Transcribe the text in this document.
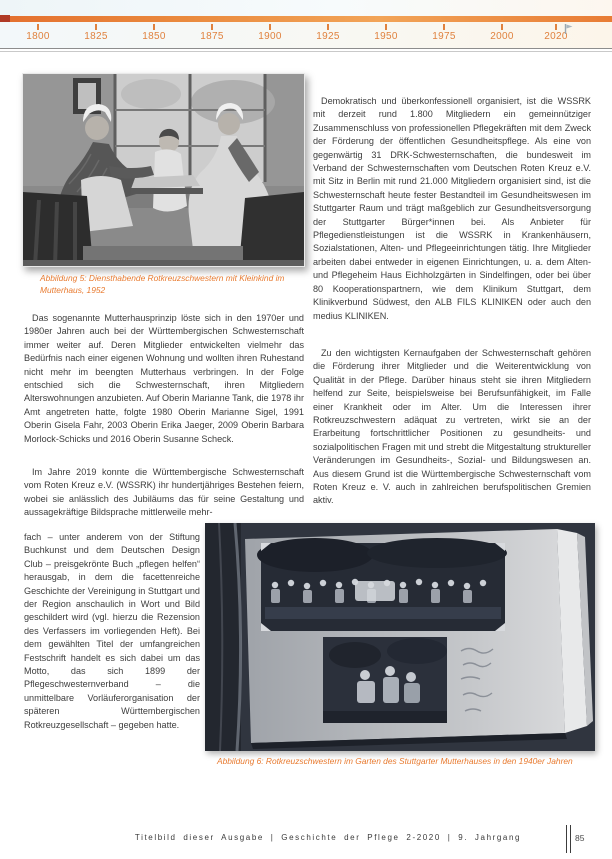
1800	1825	1850	1875	1900	1925	1950	1975	2000	2020
Abbildung 5: Diensthabende Rotkreuzschwestern mit Kleinkind im Mutterhaus, 1952

Das sogenannte Mutterhausprinzip löste sich in den 1970er und 1980er Jahren auch bei der Württembergischen Schwesternschaft immer weiter auf. Deren Mitglieder entwickelten vielmehr das Bedürfnis nach einer eigenen Wohnung und wollten ihren Ruhestand nicht mehr im beengten Mutterhaus verbringen. In der Folge entschied sich die Schwesternschaft, ihren Mitgliedern Alterswohnungen anzubieten. Auf Oberin Marianne Tank, die 1978 ihr Amt angetreten hatte, folgte 1980 Oberin Marianne Sigel, 1991 Oberin Gisela Fahr, 2003 Oberin Erika Jaeger, 2009 Oberin Barbara Morlock-Schicks und 2016 Oberin Susanne Scheck.

Im Jahre 2019 konnte die Württembergische Schwesternschaft vom Roten Kreuz e.V. (WSSRK) ihr hundertjähriges Bestehen feiern, wobei sie anlässlich des Jubiläums das für seine Gestaltung und aussagekräftige Bildsprache mittlerweile mehr-

fach – unter anderem von der Stiftung Buchkunst und dem Deutschen Design Club – preisgekrönte Buch „pflegen helfen“ herausgab, in dem die facettenreiche Geschichte der Vereinigung in Stuttgart und der Region anschaulich in Wort und Bild geschildert wird (vgl. hierzu die Rezension des Verfassers im vorliegenden Heft). Bei dem gewählten Titel der umfangreichen Festschrift handelt es sich dabei um das Motto, das sich 1899 der Pflegeschwesternverband – die unmittelbare Vorläuferorganisation der späteren Württembergischen Rotkreuzgesellschaft – gegeben hatte.

Demokratisch und überkonfessionell organisiert, ist die WSSRK mit derzeit rund 1.800 Mitgliedern ein gemeinnütziger Zusammenschluss von professionellen Pflegekräften mit dem Zweck der Förderung der öffentlichen Gesundheitspflege. Als eine von gegenwärtig 31 DRK-Schwesternschaften, die bundesweit im Verband der Schwesternschaften vom Deutschen Roten Kreuz e.V. mit Sitz in Berlin mit rund 21.000 Mitgliedern organisiert sind, ist die Schwesternschaft heute fester Bestandteil im Gesundheitswesen im Stuttgarter Raum und trägt maßgeblich zur Gesundheitsversorgung der Stuttgarter Bürger*innen bei. Als Anbieter für Pflegedienstleistungen ist die WSSRK in Krankenhäusern, Sozialstationen, Alten- und Pflegeeinrichtungen tätig. Ihre Mitglieder arbeiten dabei entweder in eigenen Einrichtungen, u. a. dem Alten- und Pflegeheim Haus Eichholzgärten in Sindelfingen, oder bei über 80 Kooperationspartnern, wie dem Klinikum Stuttgart, dem Klinikverbund Südwest, den ALB FILS KLINIKEN oder auch den medius KLINIKEN.

Zu den wichtigsten Kernaufgaben der Schwesternschaft gehören die Förderung ihrer Mitglieder und die Weiterentwicklung von Qualität in der Pflege. Darüber hinaus steht sie ihren Mitgliedern helfend zur Seite, beispielsweise bei Berufsunfähigkeit, im Falle einer Krankheit oder im Alter. Um die Interessen ihrer Rotkreuzschwestern adäquat zu vertreten, wirkt sie an der Erarbeitung fortschrittlicher Positionen zu gesundheits- und sozialpolitischen Fragen mit und strebt die Mitgestaltung struktureller Veränderungen im Gesundheits-, Sozial- und Bildungswesen an. Aus diesem Grund ist die Württembergische Schwesternschaft vom Roten Kreuz e. V. auch in zahlreichen berufspolitischen Gremien aktiv.

Abbildung 6: Rotkreuzschwestern im Garten des Stuttgarter Mutterhauses in den 1940er Jahren
Titelbild dieser Ausgabe | Geschichte der Pflege 2-2020 | 9. Jahrgang	85
